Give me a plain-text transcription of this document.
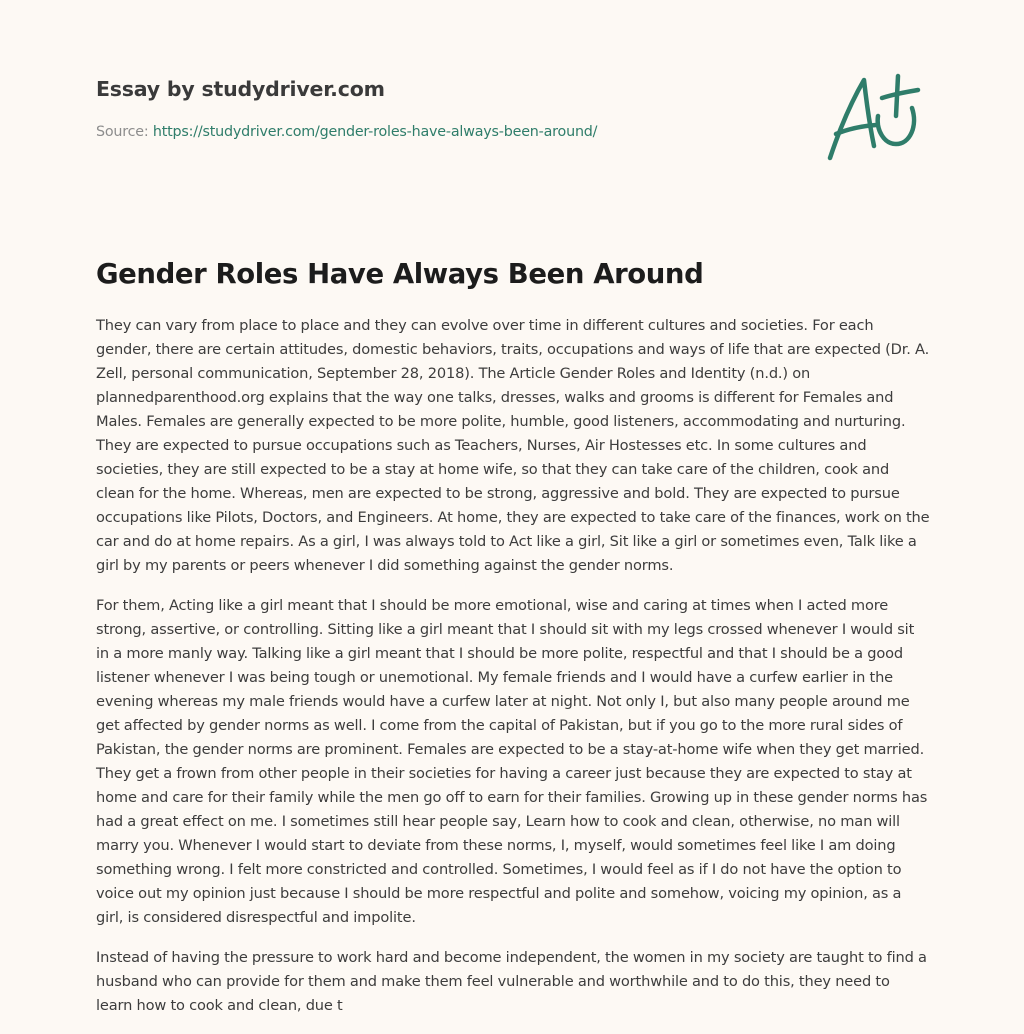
Essay by studydriver.com
Source: https://studydriver.com/gender-roles-have-always-been-around/
Gender Roles Have Always Been Around

They can vary from place to place and they can evolve over time in different cultures and societies. For each gender, there are certain attitudes, domestic behaviors, traits, occupations and ways of life that are expected (Dr. A. Zell, personal communication, September 28, 2018). The Article Gender Roles and Identity (n.d.) on plannedparenthood.org explains that the way one talks, dresses, walks and grooms is different for Females and Males. Females are generally expected to be more polite, humble, good listeners, accommodating and nurturing. They are expected to pursue occupations such as Teachers, Nurses, Air Hostesses etc. In some cultures and societies, they are still expected to be a stay at home wife, so that they can take care of the children, cook and clean for the home. Whereas, men are expected to be strong, aggressive and bold. They are expected to pursue occupations like Pilots, Doctors, and Engineers. At home, they are expected to take care of the finances, work on the car and do at home repairs. As a girl, I was always told to Act like a girl, Sit like a girl or sometimes even, Talk like a girl by my parents or peers whenever I did something against the gender norms.

For them, Acting like a girl meant that I should be more emotional, wise and caring at times when I acted more strong, assertive, or controlling. Sitting like a girl meant that I should sit with my legs crossed whenever I would sit in a more manly way. Talking like a girl meant that I should be more polite, respectful and that I should be a good listener whenever I was being tough or unemotional. My female friends and I would have a curfew earlier in the evening whereas my male friends would have a curfew later at night. Not only I, but also many people around me get affected by gender norms as well. I come from the capital of Pakistan, but if you go to the more rural sides of Pakistan, the gender norms are prominent. Females are expected to be a stay-at-home wife when they get married. They get a frown from other people in their societies for having a career just because they are expected to stay at home and care for their family while the men go off to earn for their families. Growing up in these gender norms has had a great effect on me. I sometimes still hear people say, Learn how to cook and clean, otherwise, no man will marry you. Whenever I would start to deviate from these norms, I, myself, would sometimes feel like I am doing something wrong. I felt more constricted and controlled. Sometimes, I would feel as if I do not have the option to voice out my opinion just because I should be more respectful and polite and somehow, voicing my opinion, as a girl, is considered disrespectful and impolite.

Instead of having the pressure to work hard and become independent, the women in my society are taught to find a husband who can provide for them and make them feel vulnerable and worthwhile and to do this, they need to learn how to cook and clean, due t
